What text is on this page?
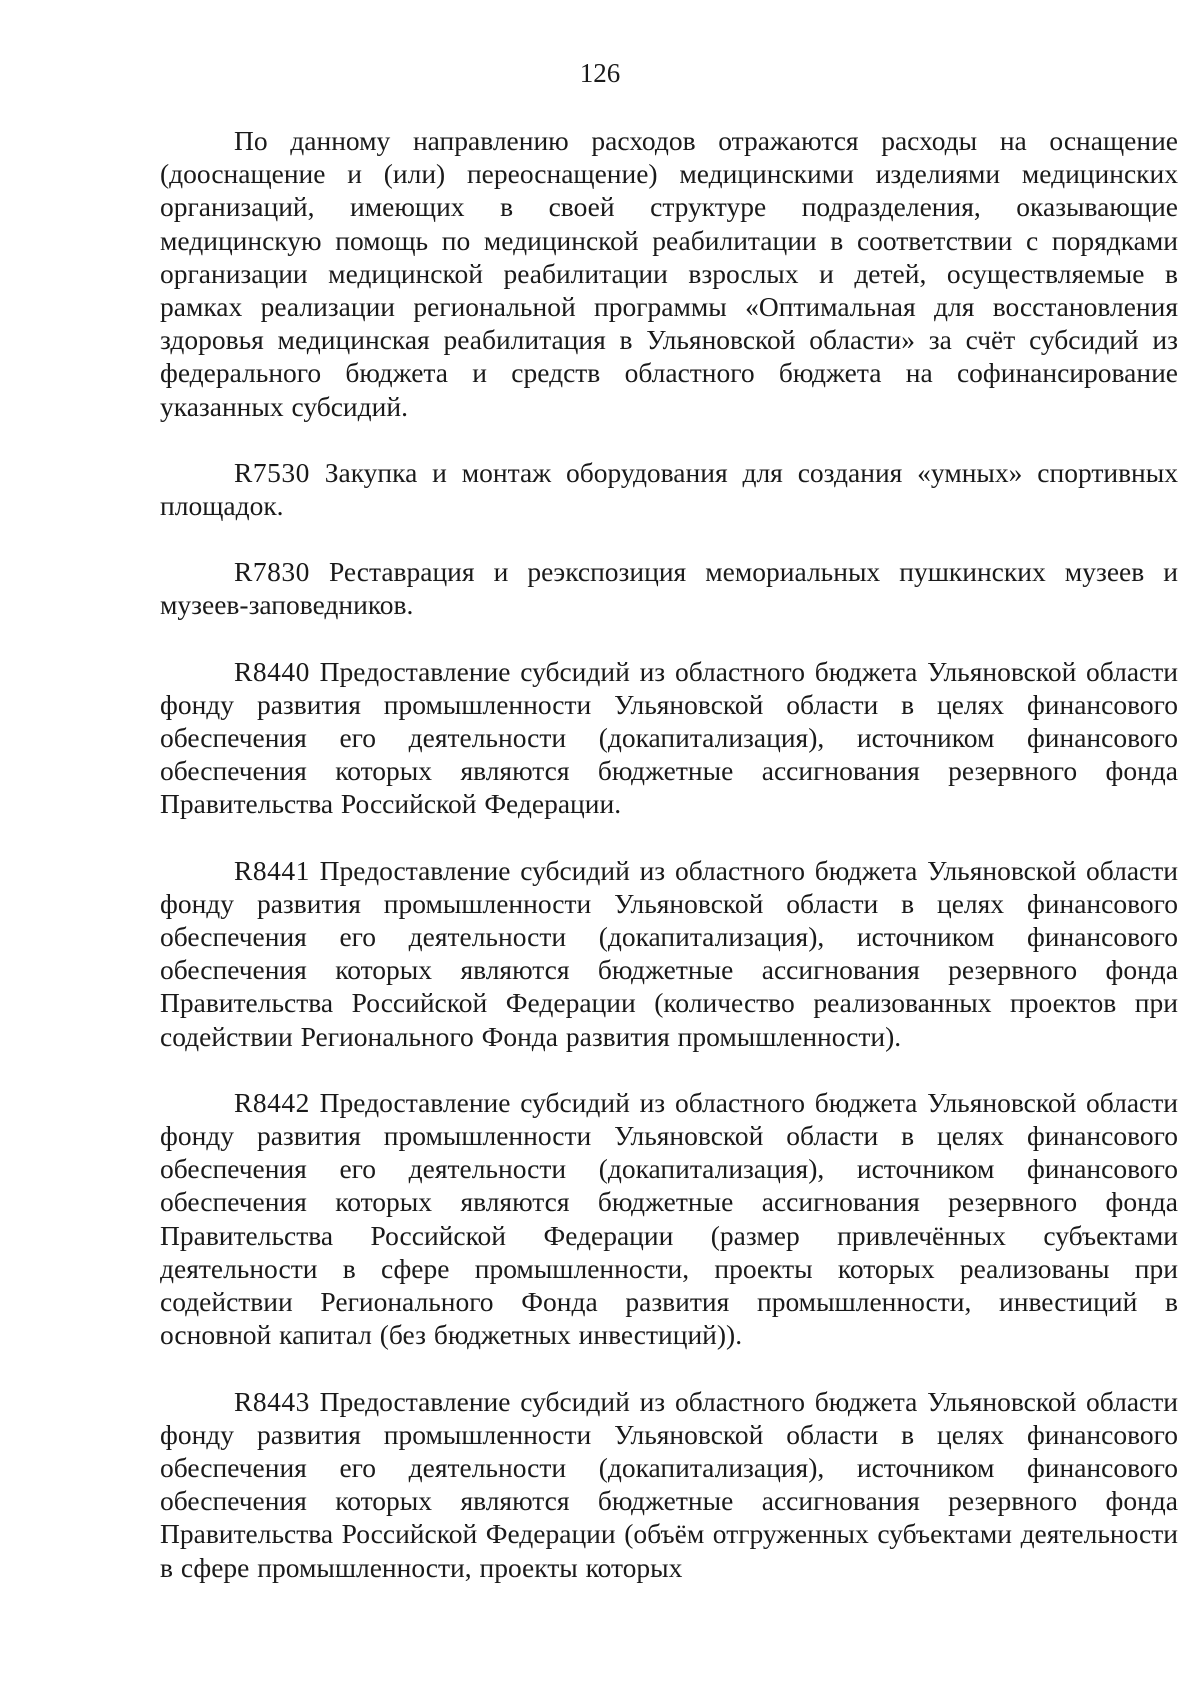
126

По данному направлению расходов отражаются расходы на оснащение (дооснащение и (или) переоснащение) медицинскими изделиями медицинских организаций, имеющих в своей структуре подразделения, оказывающие медицинскую помощь по медицинской реабилитации в соответствии с порядками организации медицинской реабилитации взрослых и детей, осуществляемые в рамках реализации региональной программы «Оптимальная для восстановления здоровья медицинская реабилитация в Ульяновской области» за счёт субсидий из федерального бюджета и средств областного бюджета на софинансирование указанных субсидий.

R7530 Закупка и монтаж оборудования для создания «умных» спортивных площадок.

R7830 Реставрация и реэкспозиция мемориальных пушкинских музеев и музеев-заповедников.

R8440 Предоставление субсидий из областного бюджета Ульяновской области фонду развития промышленности Ульяновской области в целях финансового обеспечения его деятельности (докапитализация), источником финансового обеспечения которых являются бюджетные ассигнования резервного фонда Правительства Российской Федерации.

R8441 Предоставление субсидий из областного бюджета Ульяновской области фонду развития промышленности Ульяновской области в целях финансового обеспечения его деятельности (докапитализация), источником финансового обеспечения которых являются бюджетные ассигнования резервного фонда Правительства Российской Федерации (количество реализованных проектов при содействии Регионального Фонда развития промышленности).

R8442 Предоставление субсидий из областного бюджета Ульяновской области фонду развития промышленности Ульяновской области в целях финансового обеспечения его деятельности (докапитализация), источником финансового обеспечения которых являются бюджетные ассигнования резервного фонда Правительства Российской Федерации (размер привлечённых субъектами деятельности в сфере промышленности, проекты которых реализованы при содействии Регионального Фонда развития промышленности, инвестиций в основной капитал (без бюджетных инвестиций)).

R8443 Предоставление субсидий из областного бюджета Ульяновской области фонду развития промышленности Ульяновской области в целях финансового обеспечения его деятельности (докапитализация), источником финансового обеспечения которых являются бюджетные ассигнования резервного фонда Правительства Российской Федерации (объём отгруженных субъектами деятельности в сфере промышленности, проекты которых
